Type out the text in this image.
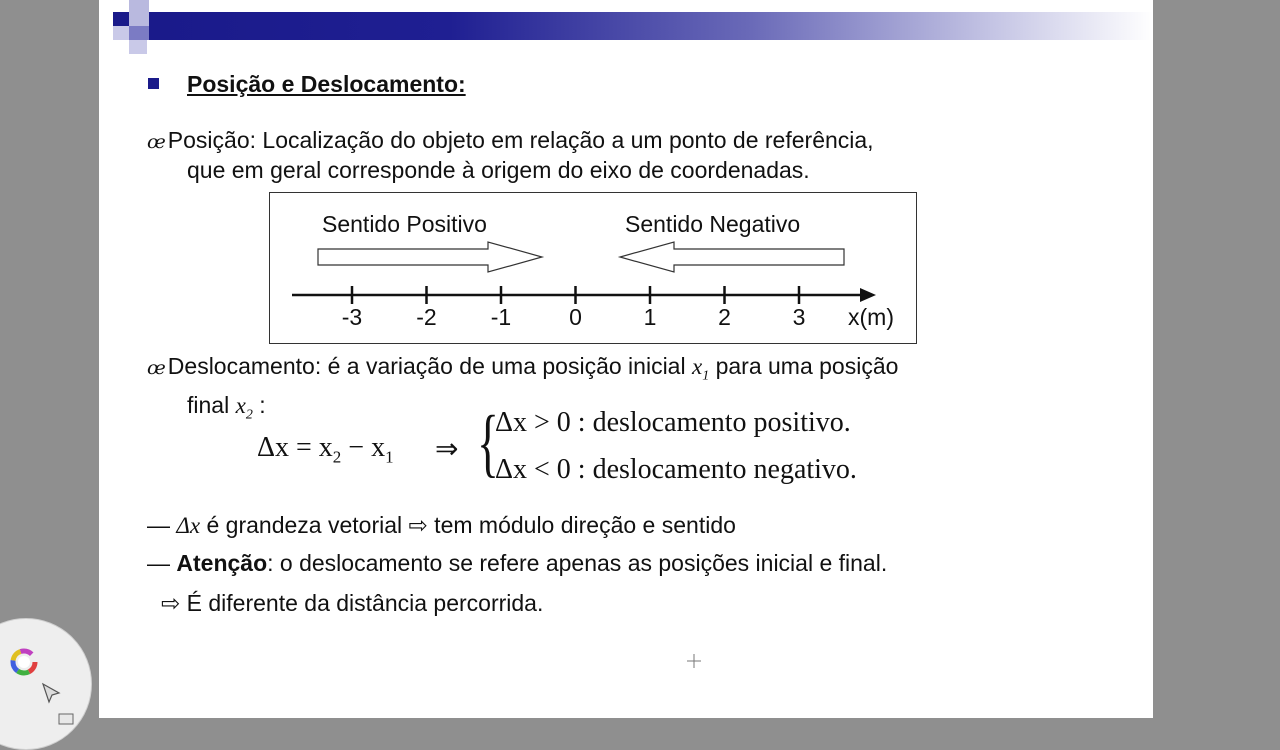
Posição e Deslocamento:
œ Posição: Localização do objeto em relação a um ponto de referência,
que em geral corresponde à origem do eixo de coordenadas.
Sentido Positivo	Sentido Negativo
-3 -2 -1	0	1	2	3 x(m)
œ Deslocamento: é a variação de uma posição inicial $x_1$ para uma posição
final $x_2$ :
$\Delta x = x_2 - x_1$ ⇒ {
Δx > 0 : deslocamento positivo.
Δx < 0 : deslocamento negativo.
— Δx é grandeza vetorial ⇨ tem módulo direção e sentido
— Atenção: o deslocamento se refere apenas as posições inicial e final.
⇨ É diferente da distância percorrida.
